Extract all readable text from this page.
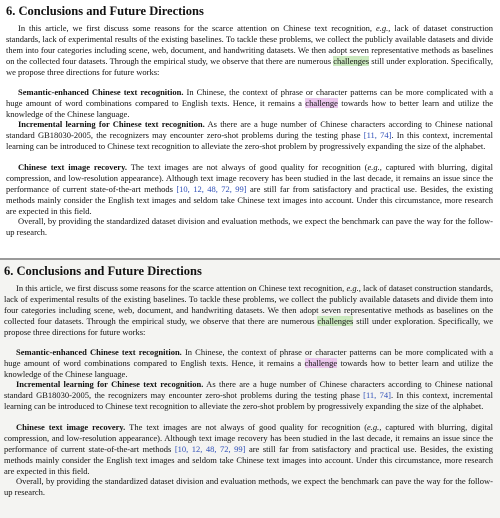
6. Conclusions and Future Directions

In this article, we first discuss some reasons for the scarce attention on Chinese text recognition, e.g., lack of dataset construction standards, lack of experimental results of the existing baselines. To tackle these problems, we collect the publicly available datasets and divide them into four categories including scene, web, document, and handwriting datasets. We then adopt seven representative methods as baselines on the collected four datasets. Through the empirical study, we observe that there are numerous challenges still under exploration. Specifically, we propose three directions for future works:

Semantic-enhanced Chinese text recognition. In Chinese, the context of phrase or character patterns can be more complicated with a huge amount of word combinations compared to English texts. Hence, it remains a challenge towards how to better learn and utilize the knowledge of the Chinese language.

Incremental learning for Chinese text recognition. As there are a huge number of Chinese characters according to Chinese national standard GB18030-2005, the recognizers may encounter zero-shot problems during the testing phase [11, 74]. In this context, incremental learning can be introduced to Chinese text recognition to alleviate the zero-shot problem by progressively expanding the size of the alphabet.

Chinese text image recovery. The text images are not always of good quality for recognition (e.g., captured with blurring, digital compression, and low-resolution appearance). Although text image recovery has been studied in the last decade, it remains an issue since the performance of current state-of-the-art methods [10, 12, 48, 72, 99] are still far from satisfactory and practical use. Besides, the existing methods mainly consider the English text images and seldom take Chinese text images into account. Under this circumstance, more research are expected in this field.

Overall, by providing the standardized dataset division and evaluation methods, we expect the benchmark can pave the way for the follow-up research.

6. Conclusions and Future Directions

In this article, we first discuss some reasons for the scarce attention on Chinese text recognition, e.g., lack of dataset construction standards, lack of experimental results of the existing baselines. To tackle these problems, we collect the publicly available datasets and divide them into four categories including scene, web, document, and handwriting datasets. We then adopt seven representative methods as baselines on the collected four datasets. Through the empirical study, we observe that there are numerous challenges still under exploration. Specifically, we propose three directions for future works:

Semantic-enhanced Chinese text recognition. In Chinese, the context of phrase or character patterns can be more complicated with a huge amount of word combinations compared to English texts. Hence, it remains a challenge towards how to better learn and utilize the knowledge of the Chinese language.

Incremental learning for Chinese text recognition. As there are a huge number of Chinese characters according to Chinese national standard GB18030-2005, the recognizers may encounter zero-shot problems during the testing phase [11, 74]. In this context, incremental learning can be introduced to Chinese text recognition to alleviate the zero-shot problem by progressively expanding the size of the alphabet.

Chinese text image recovery. The text images are not always of good quality for recognition (e.g., captured with blurring, digital compression, and low-resolution appearance). Although text image recovery has been studied in the last decade, it remains an issue since the performance of current state-of-the-art methods [10, 12, 48, 72, 99] are still far from satisfactory and practical use. Besides, the existing methods mainly consider the English text images and seldom take Chinese text images into account. Under this circumstance, more research are expected in this field.

Overall, by providing the standardized dataset division and evaluation methods, we expect the benchmark can pave the way for the follow-up research.
